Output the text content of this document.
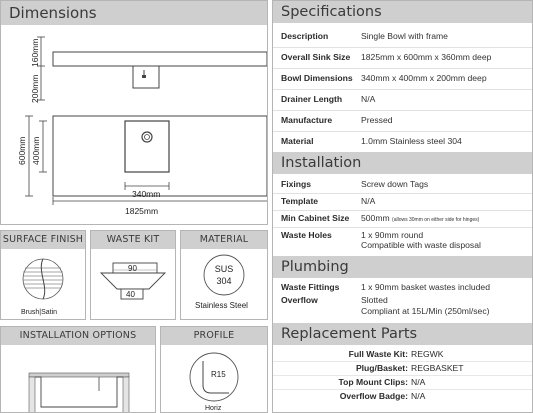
Dimensions
160mm
200mm
600mm 400mm
340mm
1825mm
SURFACE FINISH
Brush|Satin
WASTE KIT
90
40
MATERIAL
SUS
304
Stainless Steel
INSTALLATION OPTIONS	PROFILE
R15
Horiz
Specifications
Description	Single Bowl with frame
Overall Sink Size	1825mm x 600mm x 360mm deep
Bowl Dimensions 340mm x 400mm x 200mm deep
Drainer Length	N/A
Manufacture	Pressed
Material	1.0mm Stainless steel 304
Installation
Fixings	Screw down Tags
Template	N/A
Min Cabinet Size	500mm (allows 30mm on either side for hinges)
Waste Holes	1 x 90mm round
Compatible with waste disposal
Plumbing
Waste Fittings	1 x 90mm basket wastes included
Overflow	Slotted
Compliant at 15L/Min (250ml/sec)
Replacement Parts
Full Waste Kit: REGWK
Plug/Basket: REGBASKET
Top Mount Clips: N/A
Overflow Badge: N/A
